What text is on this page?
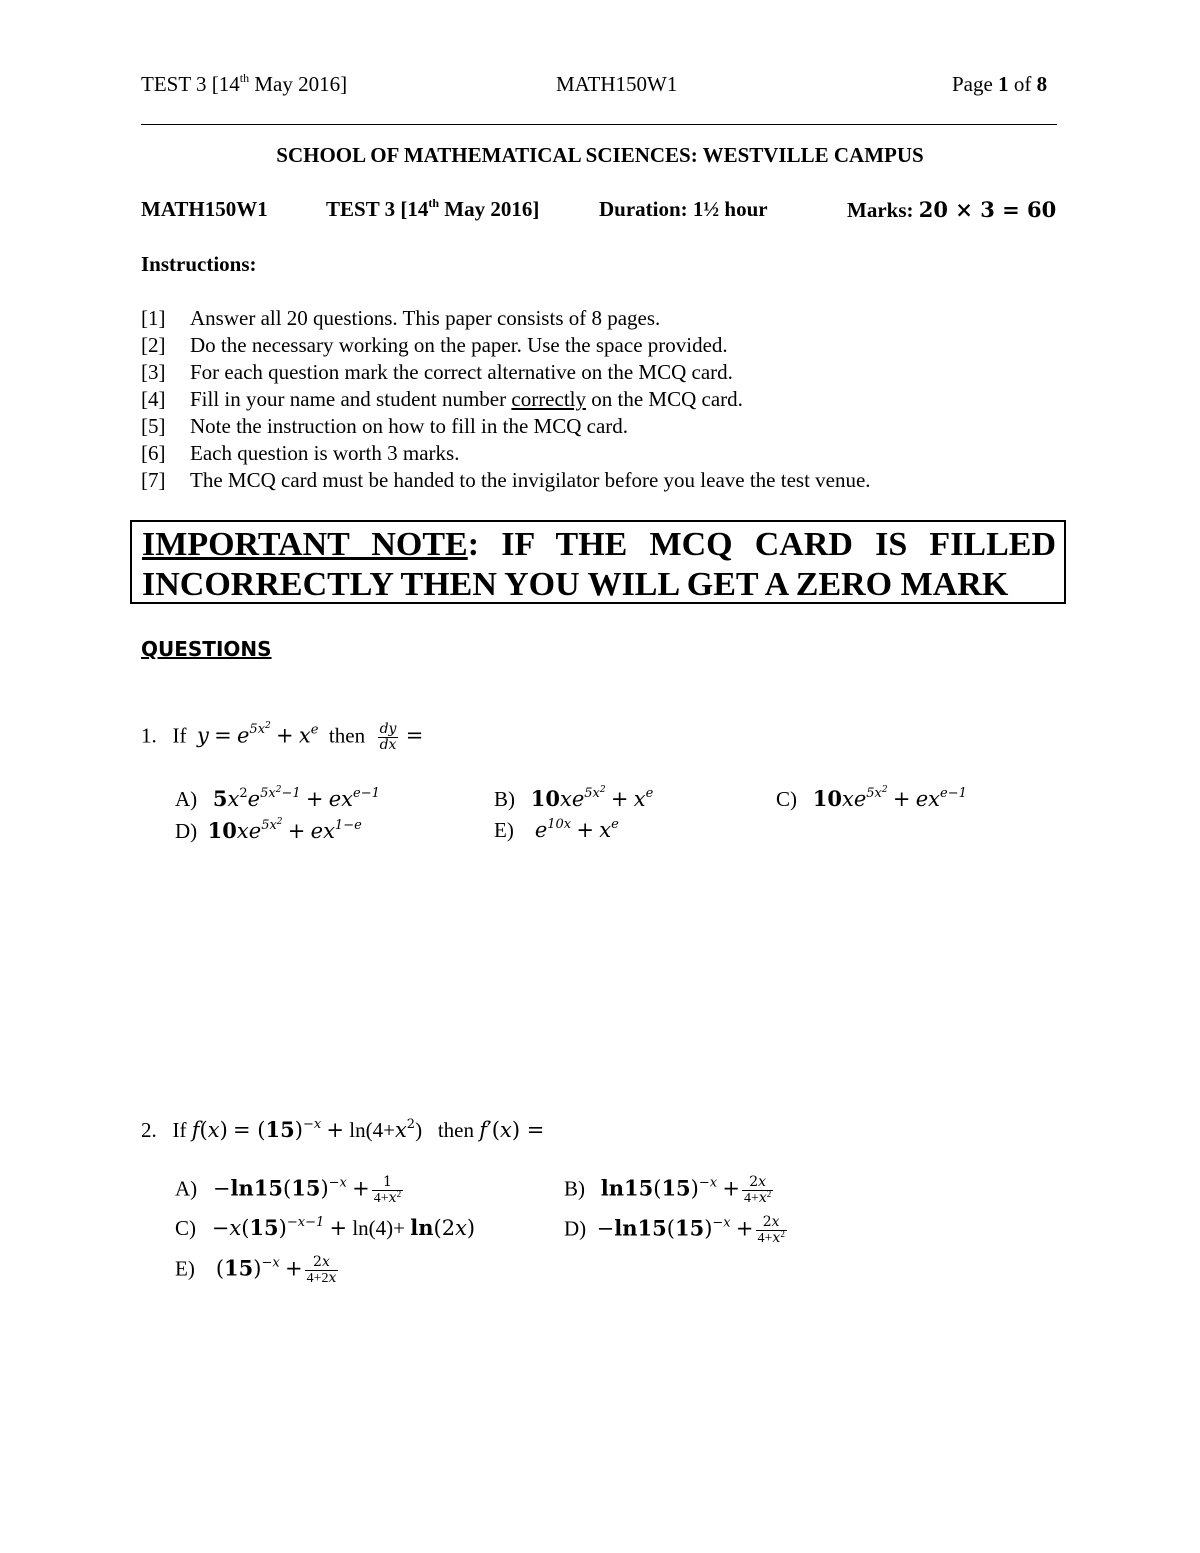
TEST 3 [14th May 2016]	MATH150W1	Page 1 of 8
SCHOOL OF MATHEMATICAL SCIENCES: WESTVILLE CAMPUS
MATH150W1	TEST 3 [14th May 2016]	Duration: 1½ hour	Marks: 20 × 3 = 60
Instructions:
[1] Answer all 20 questions. This paper consists of 8 pages.
[2] Do the necessary working on the paper. Use the space provided.
[3] For each question mark the correct alternative on the MCQ card.
[4] Fill in your name and student number correctly on the MCQ card.
[5] Note the instruction on how to fill in the MCQ card.
[6] Each question is worth 3 marks.
[7] The MCQ card must be handed to the invigilator before you leave the test venue.
IMPORTANT NOTE: IF THE MCQ CARD IS FILLED
INCORRECTLY THEN YOU WILL GET A ZERO MARK
QUESTIONS
1.   If  $y = e^{5x^2} + x^e$  then $\frac{dy}{dx}$ =
A)   $5x^2e^{5x^2-1} + ex^{e-1}$	B)   $10xe^{5x^2} + x^e$	C)   $10xe^{5x^2} + ex^{e-1}$
D)  $10xe^{5x^2} + ex^{1-e}$	E)    $e^{10x} + x^e$
2.   If $f(x) = (15)^{-x} + \ln(4+x^2)$   then f′(x) =
$A) -\ln 15(15)^{-x} + \frac{1}{4+x^2}$	B)   $\ln 15(15)^{-x} + \frac{2x}{4+x^2}$
$C) -x(15)^{-x-1} + \ln(4)+ \ln(2x)$	$D) -\ln 15(15)^{-x} + \frac{2x}{4+x^2}$
E)    $(15)^{-x} + \frac{2x}{4+2x}$
